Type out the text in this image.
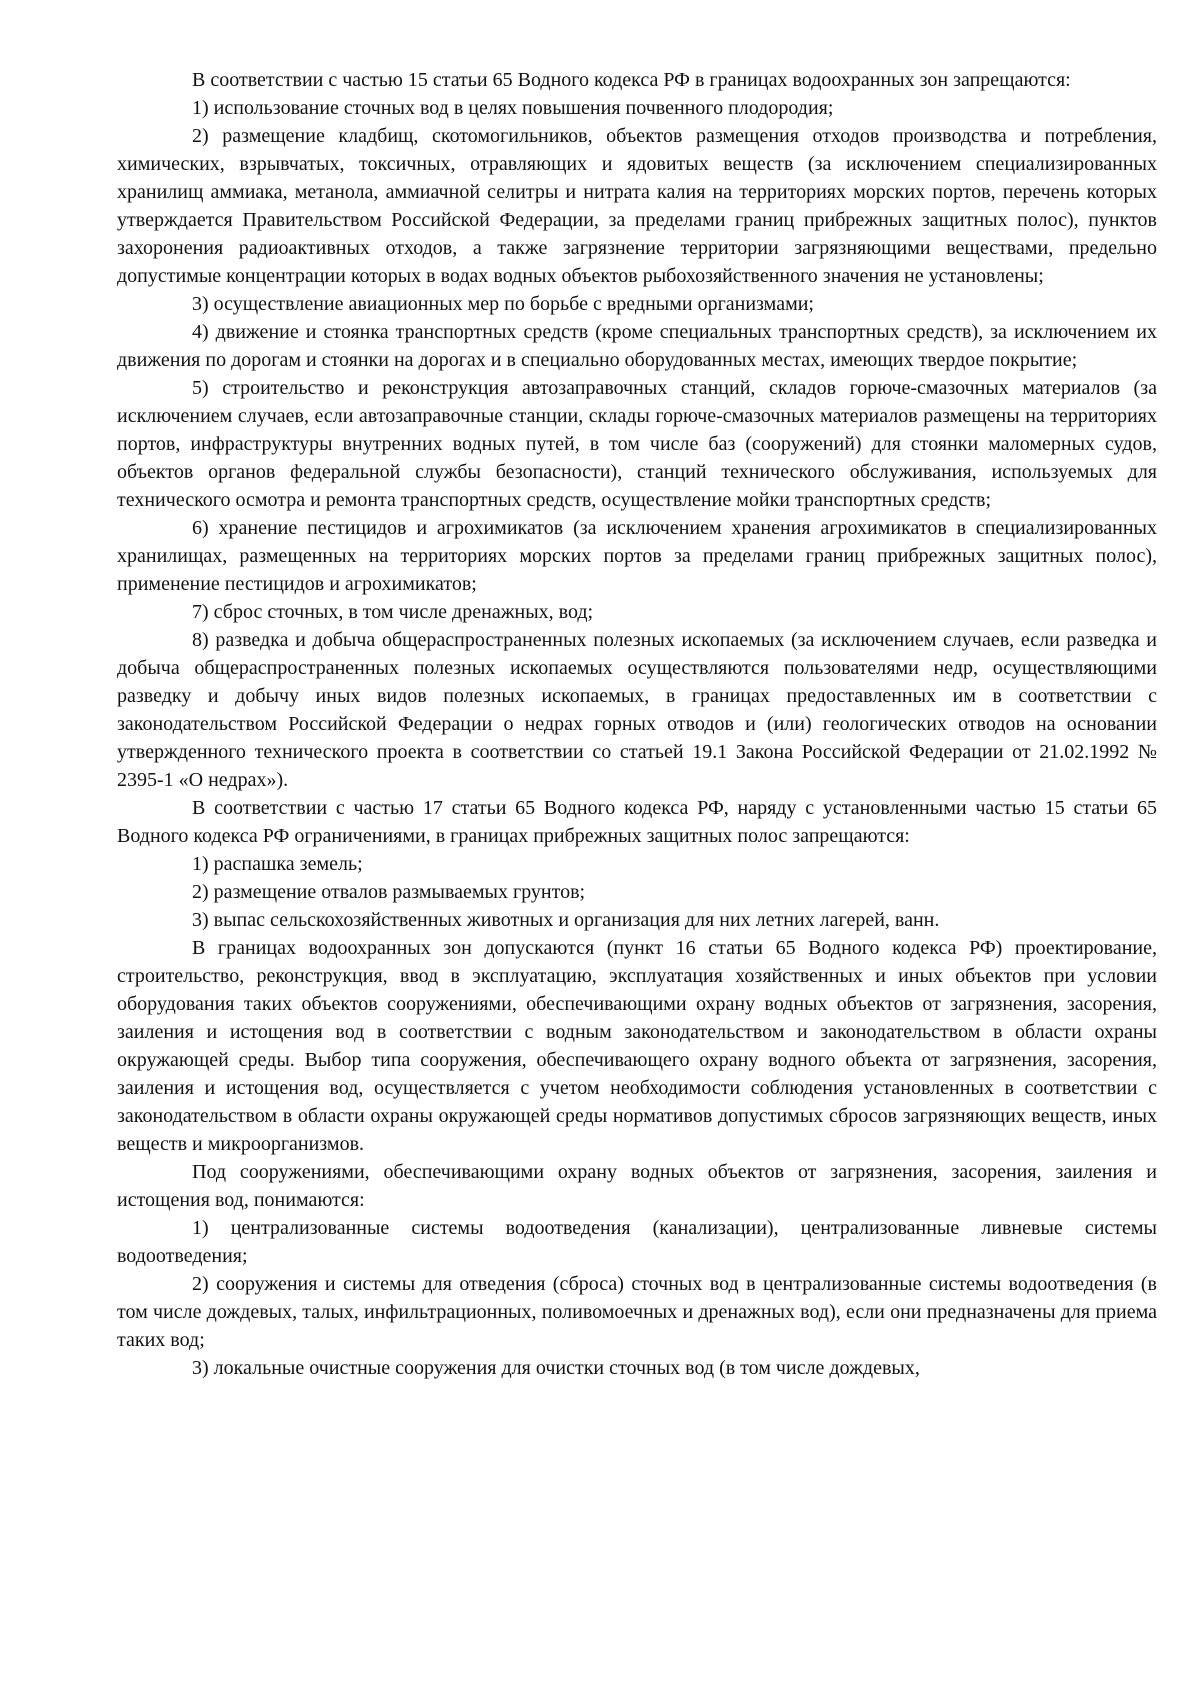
В соответствии с частью 15 статьи 65 Водного кодекса РФ в границах водоохранных зон запрещаются:

1) использование сточных вод в целях повышения почвенного плодородия;

2) размещение кладбищ, скотомогильников, объектов размещения отходов производства и потребления, химических, взрывчатых, токсичных, отравляющих и ядовитых веществ (за исключением специализированных хранилищ аммиака, метанола, аммиачной селитры и нитрата калия на территориях морских портов, перечень которых утверждается Правительством Российской Федерации, за пределами границ прибрежных защитных полос), пунктов захоронения радиоактивных отходов, а также загрязнение территории загрязняющими веществами, предельно допустимые концентрации которых в водах водных объектов рыбохозяйственного значения не установлены;

3) осуществление авиационных мер по борьбе с вредными организмами;

4) движение и стоянка транспортных средств (кроме специальных транспортных средств), за исключением их движения по дорогам и стоянки на дорогах и в специально оборудованных местах, имеющих твердое покрытие;

5) строительство и реконструкция автозаправочных станций, складов горюче-смазочных материалов (за исключением случаев, если автозаправочные станции, склады горюче-смазочных материалов размещены на территориях портов, инфраструктуры внутренних водных путей, в том числе баз (сооружений) для стоянки маломерных судов, объектов органов федеральной службы безопасности), станций технического обслуживания, используемых для технического осмотра и ремонта транспортных средств, осуществление мойки транспортных средств;

6) хранение пестицидов и агрохимикатов (за исключением хранения агрохимикатов в специализированных хранилищах, размещенных на территориях морских портов за пределами границ прибрежных защитных полос), применение пестицидов и агрохимикатов;

7) сброс сточных, в том числе дренажных, вод;

8) разведка и добыча общераспространенных полезных ископаемых (за исключением случаев, если разведка и добыча общераспространенных полезных ископаемых осуществляются пользователями недр, осуществляющими разведку и добычу иных видов полезных ископаемых, в границах предоставленных им в соответствии с законодательством Российской Федерации о недрах горных отводов и (или) геологических отводов на основании утвержденного технического проекта в соответствии со статьей 19.1 Закона Российской Федерации от 21.02.1992 № 2395-1 «О недрах»).

В соответствии с частью 17 статьи 65 Водного кодекса РФ, наряду с установленными частью 15 статьи 65 Водного кодекса РФ ограничениями, в границах прибрежных защитных полос запрещаются:

1) распашка земель;

2) размещение отвалов размываемых грунтов;

3) выпас сельскохозяйственных животных и организация для них летних лагерей, ванн.

В границах водоохранных зон допускаются (пункт 16 статьи 65 Водного кодекса РФ) проектирование, строительство, реконструкция, ввод в эксплуатацию, эксплуатация хозяйственных и иных объектов при условии оборудования таких объектов сооружениями, обеспечивающими охрану водных объектов от загрязнения, засорения, заиления и истощения вод в соответствии с водным законодательством и законодательством в области охраны окружающей среды. Выбор типа сооружения, обеспечивающего охрану водного объекта от загрязнения, засорения, заиления и истощения вод, осуществляется с учетом необходимости соблюдения установленных в соответствии с законодательством в области охраны окружающей среды нормативов допустимых сбросов загрязняющих веществ, иных веществ и микроорганизмов.

Под сооружениями, обеспечивающими охрану водных объектов от загрязнения, засорения, заиления и истощения вод, понимаются:

1) централизованные системы водоотведения (канализации), централизованные ливневые системы водоотведения;

2) сооружения и системы для отведения (сброса) сточных вод в централизованные системы водоотведения (в том числе дождевых, талых, инфильтрационных, поливомоечных и дренажных вод), если они предназначены для приема таких вод;

3) локальные очистные сооружения для очистки сточных вод (в том числе дождевых,
